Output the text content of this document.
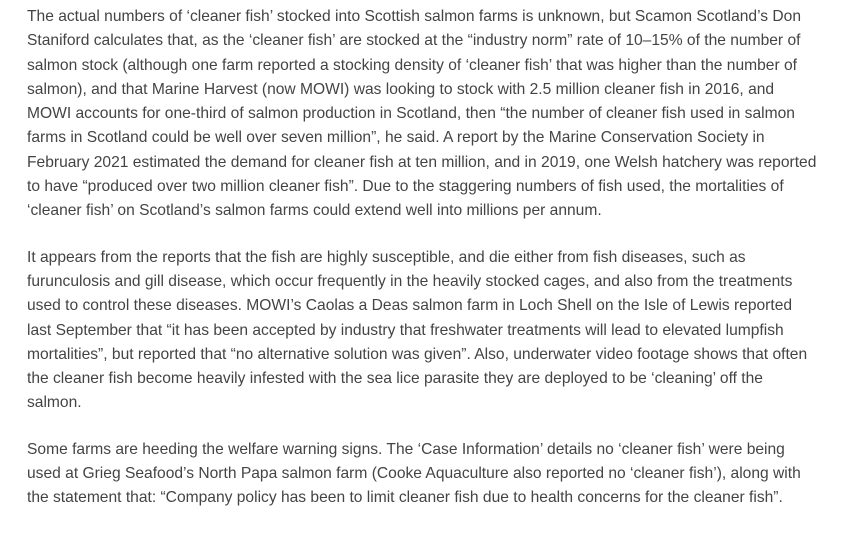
The actual numbers of ‘cleaner fish’ stocked into Scottish salmon farms is unknown, but Scamon Scotland’s Don
Staniford calculates that, as the ‘cleaner fish’ are stocked at the “industry norm” rate of 10–15% of the number of
salmon stock (although one farm reported a stocking density of ‘cleaner fish’ that was higher than the number of
salmon), and that Marine Harvest (now MOWI) was looking to stock with 2.5 million cleaner fish in 2016, and
MOWI accounts for one-third of salmon production in Scotland, then “the number of cleaner fish used in salmon
farms in Scotland could be well over seven million”, he said. A report by the Marine Conservation Society in
February 2021 estimated the demand for cleaner fish at ten million, and in 2019, one Welsh hatchery was reported
to have “produced over two million cleaner fish”. Due to the staggering numbers of fish used, the mortalities of
‘cleaner fish’ on Scotland’s salmon farms could extend well into millions per annum.

It appears from the reports that the fish are highly susceptible, and die either from fish diseases, such as
furunculosis and gill disease, which occur frequently in the heavily stocked cages, and also from the treatments
used to control these diseases. MOWI’s Caolas a Deas salmon farm in Loch Shell on the Isle of Lewis reported
last September that “it has been accepted by industry that freshwater treatments will lead to elevated lumpfish
mortalities”, but reported that “no alternative solution was given”. Also, underwater video footage shows that often
the cleaner fish become heavily infested with the sea lice parasite they are deployed to be ‘cleaning’ off the
salmon.

Some farms are heeding the welfare warning signs. The ‘Case Information’ details no ‘cleaner fish’ were being
used at Grieg Seafood’s North Papa salmon farm (Cooke Aquaculture also reported no ‘cleaner fish’), along with
the statement that: “Company policy has been to limit cleaner fish due to health concerns for the cleaner fish”.
